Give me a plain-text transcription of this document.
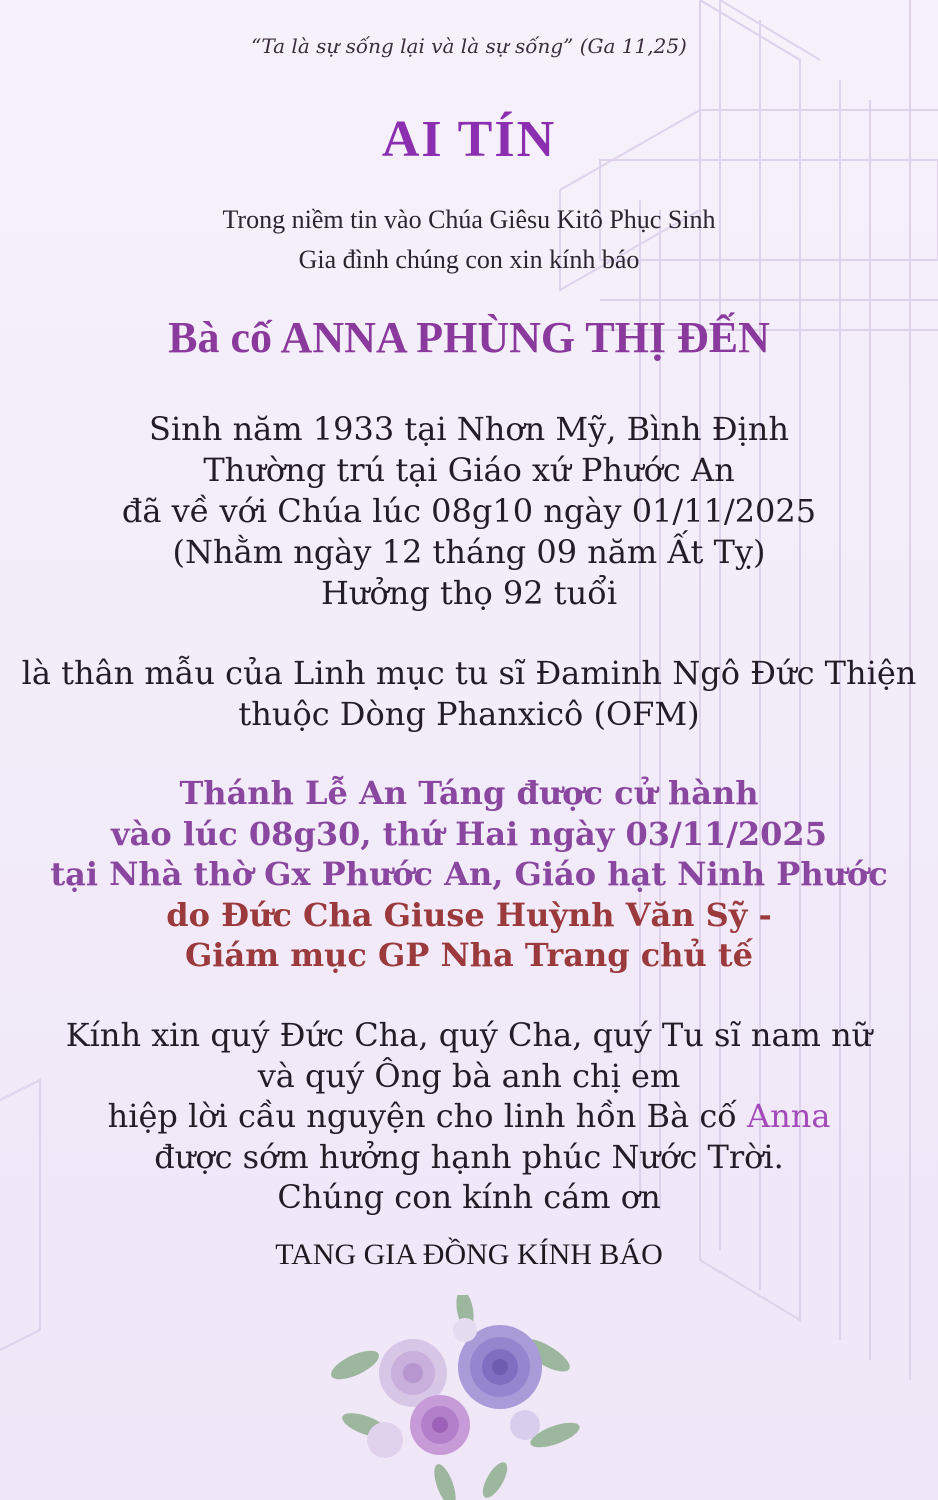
“Ta là sự sống lại và là sự sống” (Ga 11,25)
AI TÍN
Trong niềm tin vào Chúa Giêsu Kitô Phục Sinh
Gia đình chúng con xin kính báo
Bà cố ANNA PHÙNG THỊ ĐẾN
Sinh năm 1933 tại Nhơn Mỹ, Bình Định
Thường trú tại Giáo xứ Phước An
đã về với Chúa lúc 08g10 ngày 01/11/2025
(Nhằm ngày 12 tháng 09 năm Ất Tỵ)
Hưởng thọ 92 tuổi
là thân mẫu của Linh mục tu sĩ Đaminh Ngô Đức Thiện
thuộc Dòng Phanxicô (OFM)
Thánh Lễ An Táng được cử hành
vào lúc 08g30, thứ Hai ngày 03/11/2025
tại Nhà thờ Gx Phước An, Giáo hạt Ninh Phước
do Đức Cha Giuse Huỳnh Văn Sỹ -
Giám mục GP Nha Trang chủ tế
Kính xin quý Đức Cha, quý Cha, quý Tu sĩ nam nữ
và quý Ông bà anh chị em
hiệp lời cầu nguyện cho linh hồn Bà cố Anna
được sớm hưởng hạnh phúc Nước Trời.
Chúng con kính cám ơn
TANG GIA ĐỒNG KÍNH BÁO
